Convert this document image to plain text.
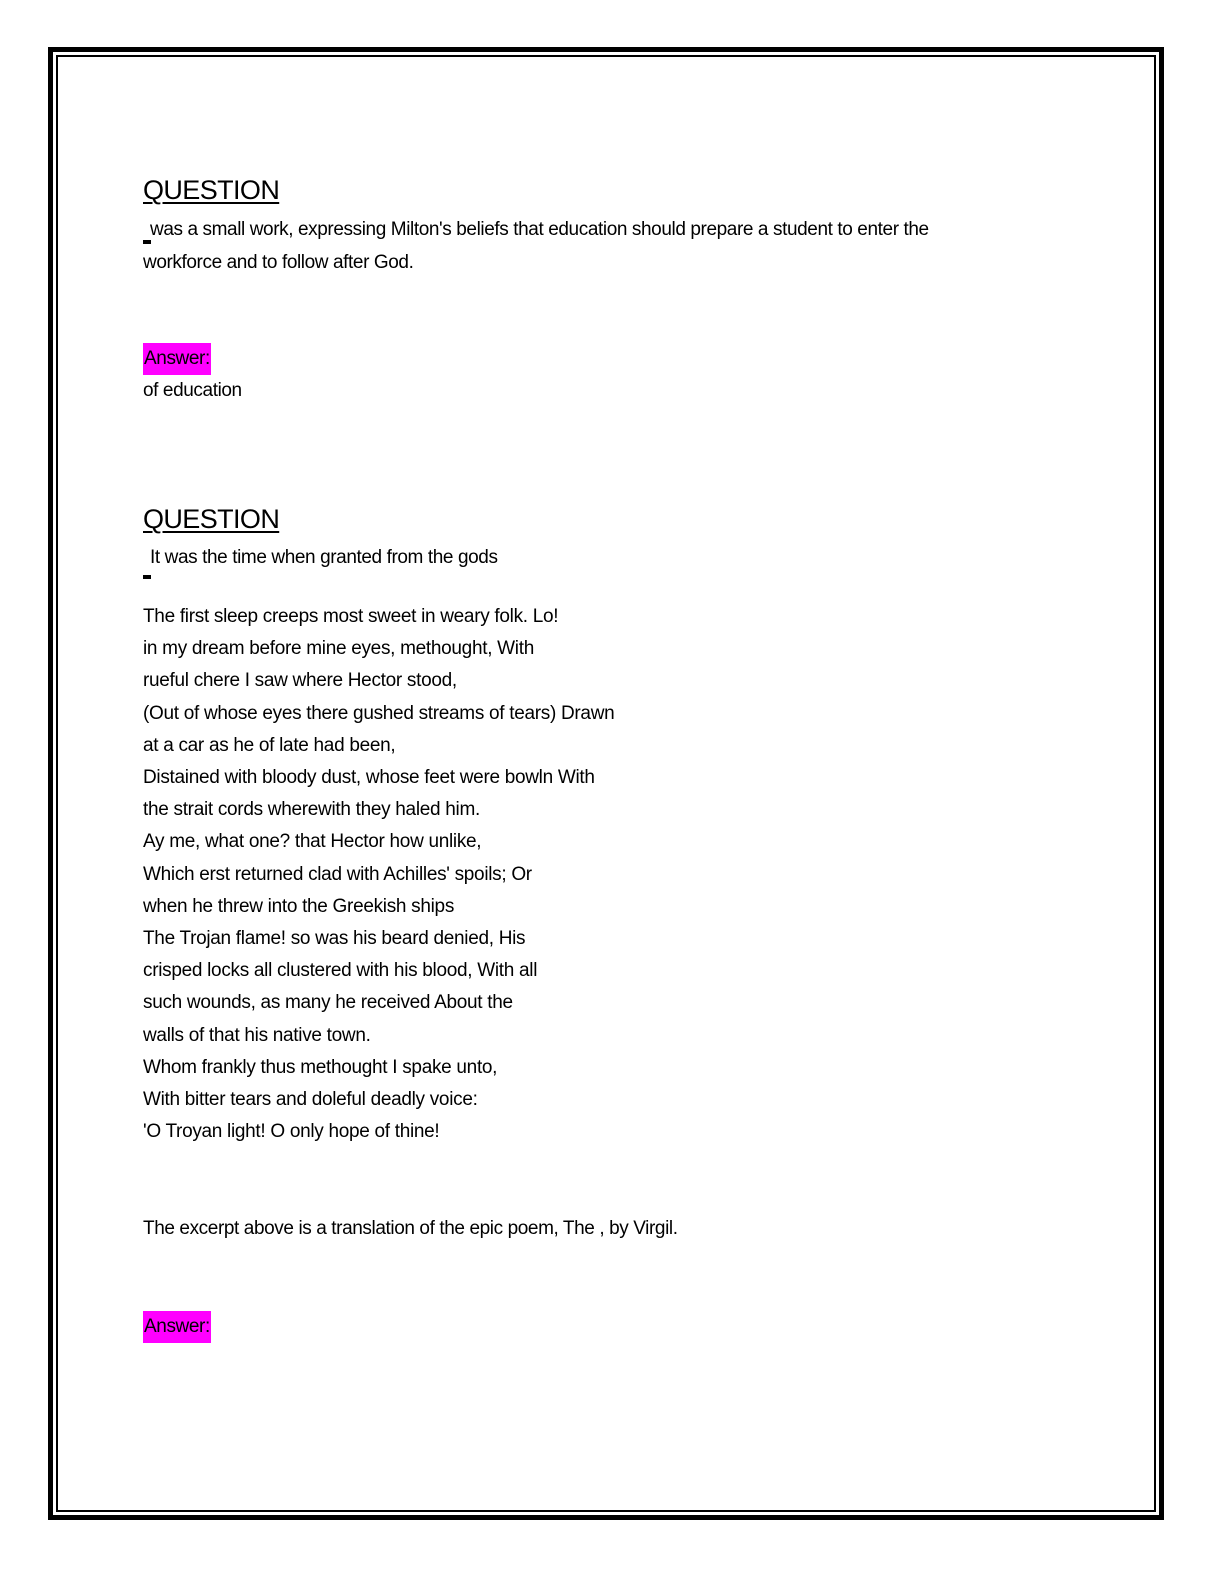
QUESTION
was a small work, expressing Milton's beliefs that education should prepare a student to enter the
workforce and to follow after God.
Answer:
of education
QUESTION
It was the time when granted from the gods
The first sleep creeps most sweet in weary folk. Lo!
in my dream before mine eyes, methought, With
rueful chere I saw where Hector stood,
(Out of whose eyes there gushed streams of tears) Drawn
at a car as he of late had been,
Distained with bloody dust, whose feet were bowln With
the strait cords wherewith they haled him.
Ay me, what one? that Hector how unlike,
Which erst returned clad with Achilles' spoils; Or
when he threw into the Greekish ships
The Trojan flame! so was his beard denied, His
crisped locks all clustered with his blood, With all
such wounds, as many he received About the
walls of that his native town.
Whom frankly thus methought I spake unto,
With bitter tears and doleful deadly voice:
'O Troyan light! O only hope of thine!
The excerpt above is a translation of the epic poem, The , by Virgil.
Answer:
